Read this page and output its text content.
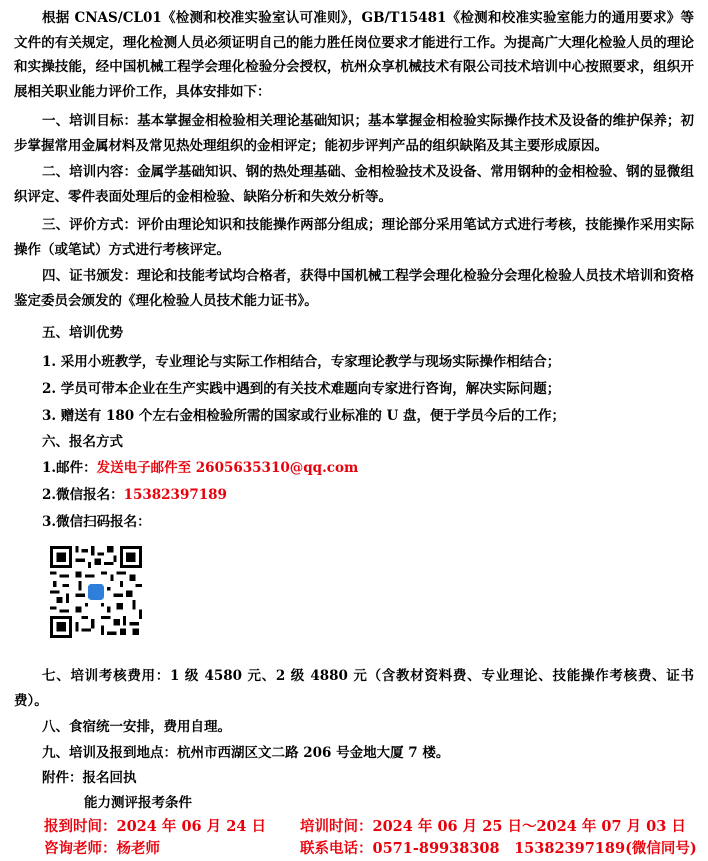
根据 CNAS/CL01《检测和校准实验室认可准则》，GB/T15481《检测和校准实验室能力的通用要求》等文件的有关规定，理化检测人员必须证明自己的能力胜任岗位要求才能进行工作。为提高广大理化检验人员的理论和实操技能，经中国机械工程学会理化检验分会授权，杭州众享机械技术有限公司技术培训中心按照要求，组织开展相关职业能力评价工作，具体安排如下：

一、培训目标：基本掌握金相检验相关理论基础知识；基本掌握金相检验实际操作技术及设备的维护保养；初步掌握常用金属材料及常见热处理组织的金相评定；能初步评判产品的组织缺陷及其主要形成原因。

二、培训内容：金属学基础知识、钢的热处理基础、金相检验技术及设备、常用钢种的金相检验、钢的显微组织评定、零件表面处理后的金相检验、缺陷分析和失效分析等。

三、评价方式：评价由理论知识和技能操作两部分组成；理论部分采用笔试方式进行考核，技能操作采用实际操作（或笔试）方式进行考核评定。

四、证书颁发：理论和技能考试均合格者，获得中国机械工程学会理化检验分会理化检验人员技术培训和资格鉴定委员会颁发的《理化检验人员技术能力证书》。

五、培训优势

1. 采用小班教学，专业理论与实际工作相结合，专家理论教学与现场实际操作相结合；

2. 学员可带本企业在生产实践中遇到的有关技术难题向专家进行咨询，解决实际问题；

3. 赠送有 180 个左右金相检验所需的国家或行业标准的 U 盘，便于学员今后的工作；

六、报名方式

1.邮件：发送电子邮件至 2605635310@qq.com

2.微信报名：15382397189

3.微信扫码报名：

七、培训考核费用：1 级 4580 元、2 级 4880 元（含教材资料费、专业理论、技能操作考核费、证书费）。

八、食宿统一安排，费用自理。

九、培训及报到地点：杭州市西湖区文二路 206 号金地大厦 7 楼。

附件：报名回执

能力测评报考条件

报到时间：2024 年 06 月 24 日 培训时间：2024 年 06 月 25 日～2024 年 07 月 03 日
咨询老师：杨老师	联系电话：0571-89938308　15382397189(微信同号)
